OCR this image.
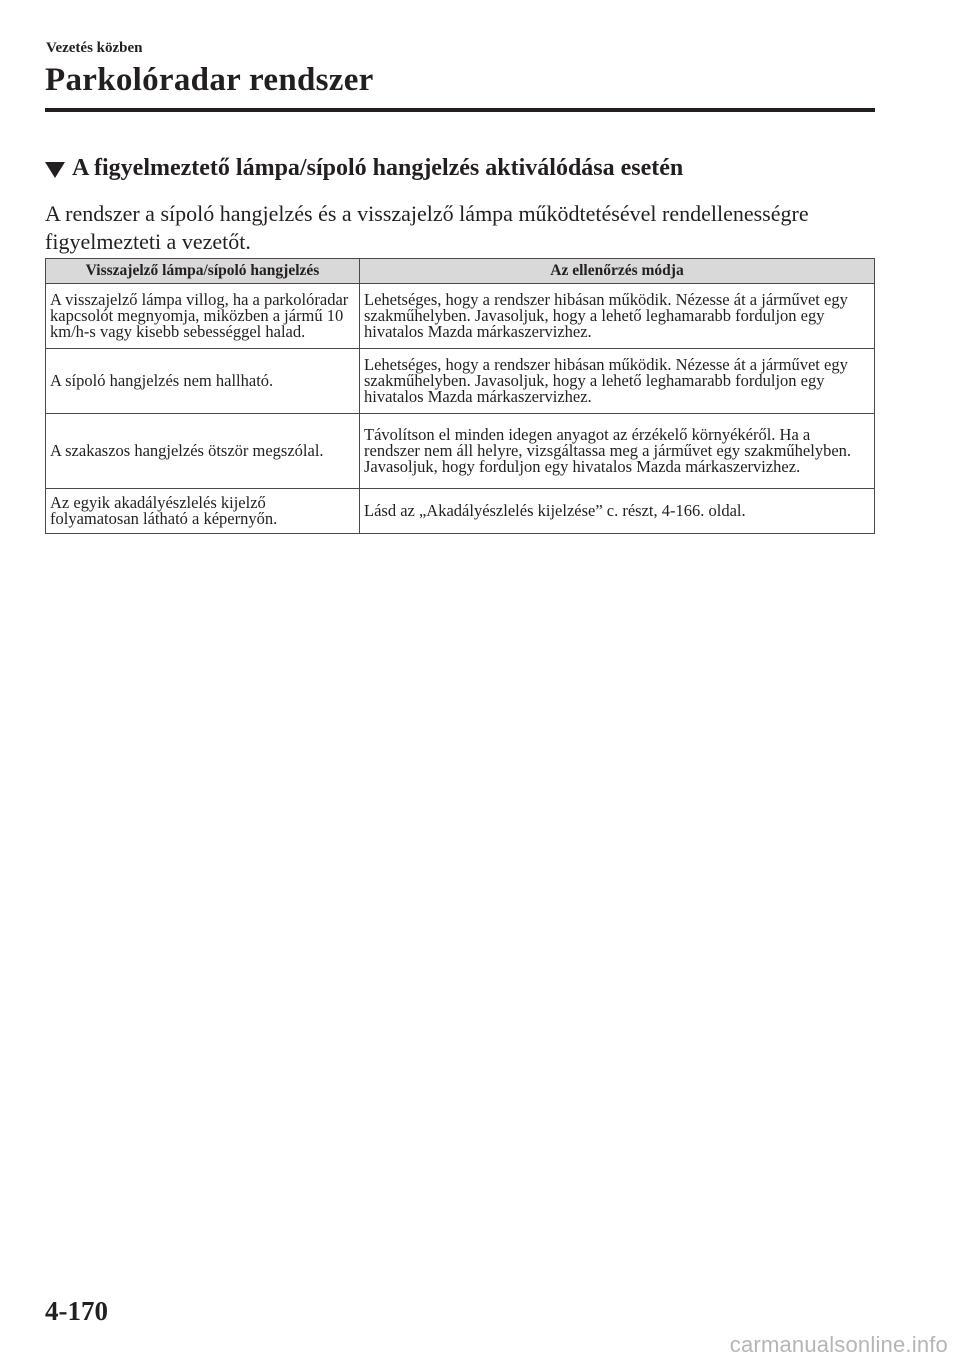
Vezetés közben
Parkolóradar rendszer
A figyelmeztető lámpa/sípoló hangjelzés aktiválódása esetén
A rendszer a sípoló hangjelzés és a visszajelző lámpa működtetésével rendellenességre figyelmezteti a vezetőt.
Visszajelző lámpa/sípoló hangjelzés	Az ellenőrzés módja
A visszajelző lámpa villog, ha a parkolóradar kapcsolót megnyomja, miközben a jármű 10 km/h-s vagy kisebb sebességgel halad.	Lehetséges, hogy a rendszer hibásan működik. Nézesse át a járművet egy szakműhelyben. Javasoljuk, hogy a lehető leghamarabb forduljon egy hivatalos Mazda márkaszervizhez.
A sípoló hangjelzés nem hallható.	Lehetséges, hogy a rendszer hibásan működik. Nézesse át a járművet egy szakműhelyben. Javasoljuk, hogy a lehető leghamarabb forduljon egy hivatalos Mazda márkaszervizhez.
A szakaszos hangjelzés ötször megszólal.	Távolítson el minden idegen anyagot az érzékelő környékéről. Ha a rendszer nem áll helyre, vizsgáltassa meg a járművet egy szakműhelyben. Javasoljuk, hogy forduljon egy hivatalos Mazda márkaszervizhez.
Az egyik akadályészlelés kijelző folyamatosan látható a képernyőn.	Lásd az „Akadályészlelés kijelzése” c. részt, 4-166. oldal.
4-170
carmanualsonline.info
